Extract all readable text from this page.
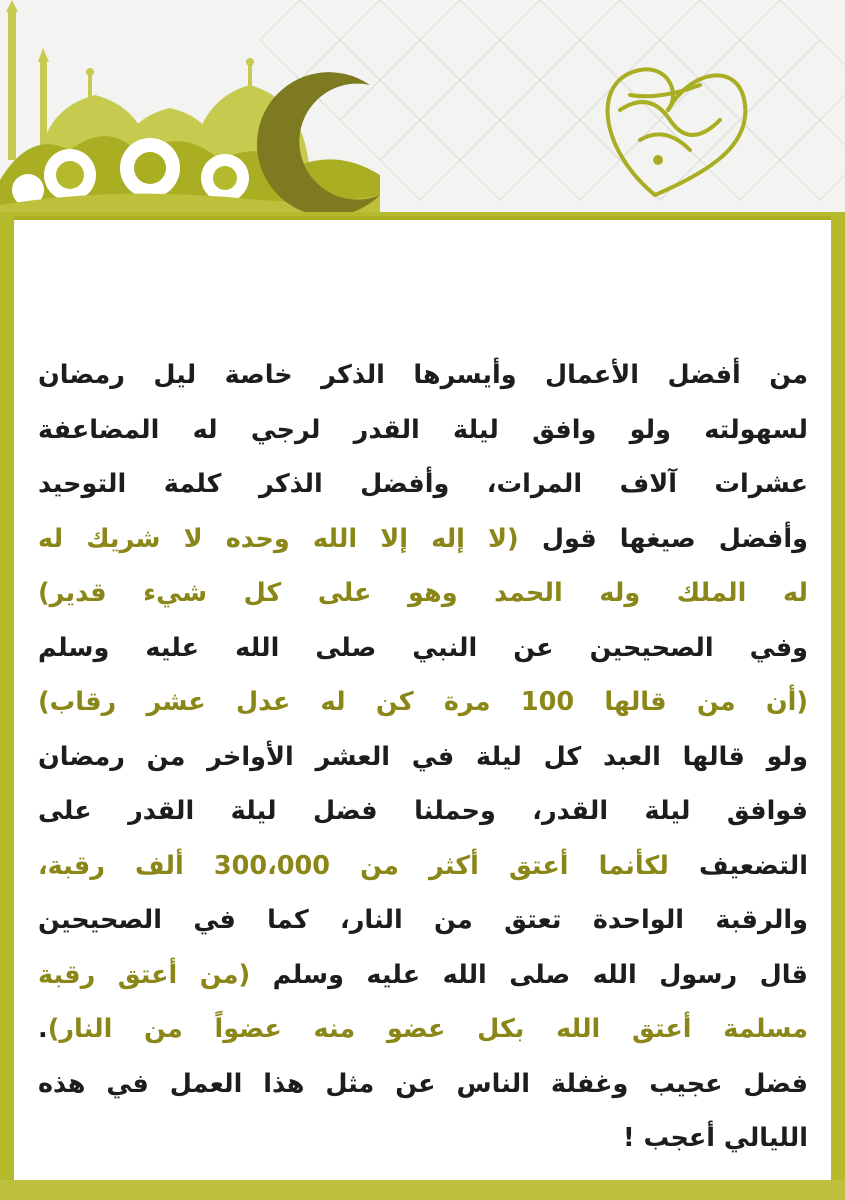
من أفضل الأعمال وأيسرها الذكر خاصة ليل رمضان
لسهولته ولو وافق ليلة القدر لرجي له المضاعفة
عشرات آلاف المرات، وأفضل الذكر كلمة التوحيد
وأفضل صيغها قول (لا إله إلا الله وحده لا شريك له
له الملك وله الحمد وهو على كل شيء قدير)
وفي الصحيحين عن النبي صلى الله عليه وسلم
(أن من قالها 100 مرة كن له عدل عشر رقاب)
ولو قالها العبد كل ليلة في العشر الأواخر من رمضان
فوافق ليلة القدر، وحملنا فضل ليلة القدر على
التضعيف لكأنما أعتق أكثر من 300،000 ألف رقبة،
والرقبة الواحدة تعتق من النار، كما في الصحيحين
قال رسول الله صلى الله عليه وسلم (من أعتق رقبة
مسلمة أعتق الله بكل عضو منه عضواً من النار).
فضل عجيب وغفلة الناس عن مثل هذا العمل في هذه
الليالي أعجب !
